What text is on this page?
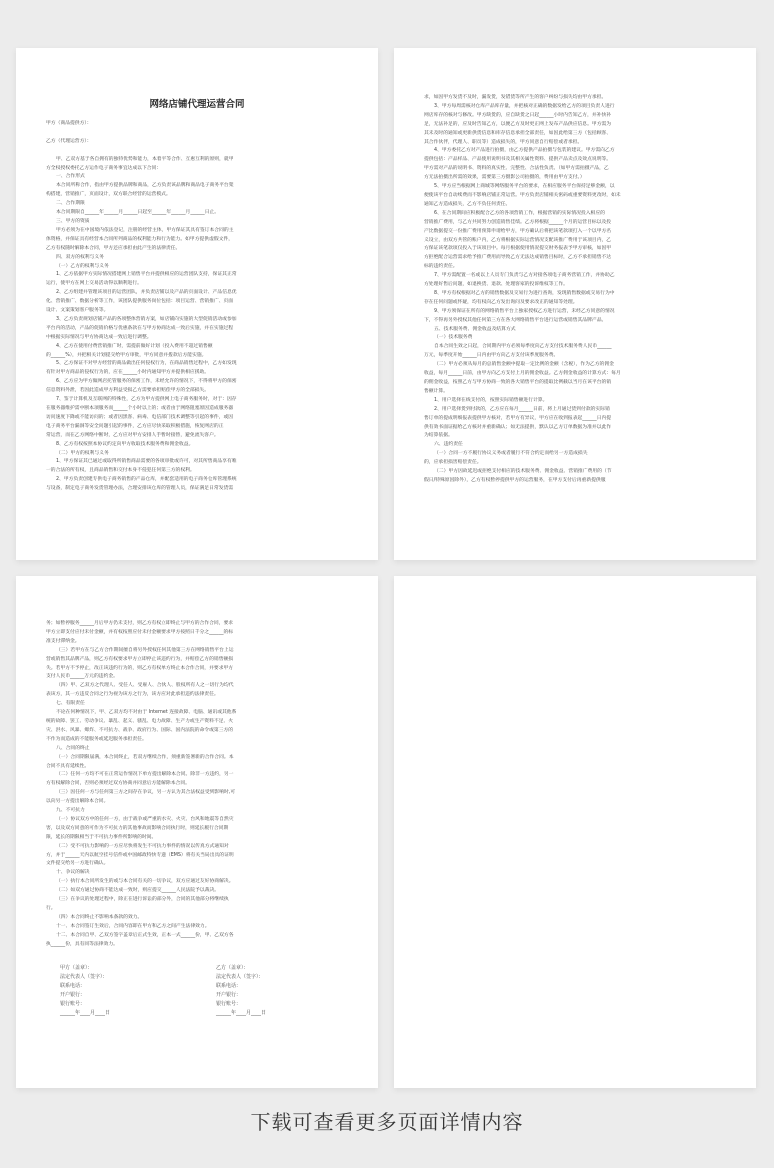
网络店铺代理运营合同
甲方（商品提供方）：

乙方（代理运营方）：

甲、乙双方基于各自拥有的独特优势和能力，本着平等合作、互惠互利的原则，就甲
方全权授权委托乙方运作电子商务事宜达成以下合同：
一、合作形式
本合同所称合作，指由甲方提供品牌和商品，乙方负责该品牌和商品电子商务平台架
构搭建，营销推广，页面设计，双方联合经营的运营模式。
二、合作期限
本合同期限自______年______月______日起至______年______月______日止。
三、甲方的资质
甲方必须为在中国境内依法登记，注册的经营主体，甲方保证其具有签订本合同的主
体资格，并保证具有经营本合同所列商品的权利能力和行为能力。如甲方提供虚假文件，
乙方有权随时解除本合同，甲方还应承担由此产生的法律责任。
四、双方的权利与义务
（一）乙方的权利与义务
1、乙方依据甲方实际情况搭建网上销售平台并提供相应的运营团队支持，保证其正常
运行，使甲方在网上交易活动得以顺利进行。
2、乙方组建并管理该项目的运营团队，并负责店铺以及产品的页面设计、产品信息优
化、营销推广、数据分析等工作，该团队提供服务岗位包括：项目运营、营销推广、页面
设计、文案策划客户服务等。
3、乙方负责规划店铺产品的各项整体营销方案，如店铺向实施的大型促销活动或参加
平台内的活动，产品的促销价格与优惠条款在与甲方协商达成一致后实施，并在实施过程
中根据实际情况与甲方协商达成一致后进行调整。
4、乙方在使用付费营销推广时，需提前做好计划（投入费用不超过销售额
的______%），并把相关计划提交给甲方审批，甲方同意并拨款后方能实施。
5、乙方保证不对甲方经营的商品做出任何侵权行为，在商品销售过程中，乙方如发现
有针对甲方商品的侵权行为的，应在______小时内通知甲方并提供相应援助。
6、乙方应为甲方做网店托管服务的保密工作，未经允许的情况下，不得将甲方的保密
信息资料外泄，若因此造成甲方利益受损乙方需要承担赔偿甲方的全部损失。
7、鉴于计算机及互联网的特殊性，乙方为甲方提供网上电子商务服务时，对于：因存
在服务器维护需中断本项服务而______个小时以上的；或者由于网络阻塞原因造成服务器
访问速度下降或不能访问的；或者因黑客、病毒、电信部门技术调整等引起的事件，或因
电子商务平台漏洞等安全问题引起的事件，乙方应尽快采取积极措施，恢复网店的正
常运营，而在乙方网络中断时，乙方应对甲方安排人手暂时接替，避免流失客户。
8、乙方有权按照本协议约定向甲方收取技术服务费和佣金收益。
（二）甲方的权利与义务
1、甲方保证其已通过或取得所销售商品需要的各项审批或许可，对其所售商品享有唯
一的合法的所有权，且商品销售和交付本身不侵犯任何第三方的权利。
2、甲方负责创建专供电子商务销售的产品仓库，并配套适用的电子商务仓库管理系统
与设备，制定电子商务发货管理办法，合理安排该仓库的管理人员，保证满足日常发货需
求，如因甲方发货不及时，漏发货，发错货等所产生的客户纠纷与损失均由甲方承担。
3、甲方每周需核对仓库产品库存量，并把核对正确的数据发给乙方的项目负责人进行
网店库存的核对与修改。甲方缺货的，应自缺货之日起______小时内告知乙方，并补快补
足，无法补足的，应及时告知乙方，以便乙方及时更正网上发布产品供应信息。甲方需为
其未及时的通知或更新供货信息和库存信息承担全部责任，如因此给第三方（包括顾客、
其合作伙伴，代理人、职员等）造成损失的，甲方同意自行赔偿或者承担。
4、甲方委托乙方对产品进行拍摄，由乙方提供产品拍摄与包装的建议。甲方需向乙方
提供包括：产品样品、产品使用说明书及其相关属性资料、提供产品卖点及效点说明等。
甲方需对产品的说明书、资料的真实性、完整性、合法性负责。（如甲方需拍摄产品，乙
方无法拍摄出所需的效果，需要第三方摄影公司拍摄的，费用由甲方支付。）
5、甲方应当根据网上商城等网络服务平台的要求，在相应服务平台保持足够金额，以
便使该平台自动续费而不影响店铺正常运营。甲方负责店铺相关密码或重要资料更改时，如未
通知乙方造成损失，乙方不负任何责任。
6、在合同期间应积极配合乙方的各项营销工作，根据营销的实际情况投入相应的
营销推广费用，与乙方共同努力创造销售佳绩。乙方将根据______个月的运营目标以及投
产比数据提交一份推广费用预算申请给甲方，甲方确认后将把该笔款项打入一个以甲方名
义设立，由双方共管的账户内，乙方将根据实际运营情况支配该推广费用于该项目内，乙
方保证该笔款项仅投入于该项目中。每月根据使用情况提交财务报表予甲方审核，如因甲
方拒绝配合运营需求给予推广费用而导致乙方无法达成销售目标时，乙方不承担销售不达
标的违约责任。
7、甲方需配置一名或以上人员专门负责与乙方对接各项电子商务营销工作，并协助乙
方处理好售后问题，如退换货、退款、处理客家的投诉维权等工作。
8、甲方有权根据对乙方的销售数据及交易行为进行查询，发现销售数据或交易行为中
存在任何问题或怀疑，均有权向乙方发出询问及要求改正的通知等处理。
9、甲方须保证在所有的网络销售平台上独家授权乙方进行运营，未经乙方同意的情况
下，不得再另外授权其他任何第三方在各大网络销售平台进行运营或销售其品牌产品。
五、技术服务费、佣金收益及结算方式
（一）技术服务费
自本合同生效之日起，合同期内甲方必须每季度向乙方支付技术服务费人民币______
万元，每季度开始______日内由甲方向乙方支付该季度服务费。
（二）甲方必须从每月的总销售金额中提取一定比例的金额（含税），作为乙方的佣金
收益，每月______日前，由甲方向乙方支付上月的佣金收益。乙方佣金收益的计算方式：每月
的佣金收益，按照乙方与甲方协商一致的各大销售平台的提取比例截以当月在该平台的销
售额计算。
1、用户选择在线支付的，按照实际销售额进行计算。
2、用户选择货到付款的，乙方应在每月______日前，将上月通过货到付款的实际销
售订单的提成明细报表提供甲方核对，若甲方有异议，甲方应在收到报表起______日内提
供有效书面证据给乙方核对并重新确认；如无法提供，默认以乙方订单数据为准并以此作
为结算依据。
六、违约责任
（一）合同一方不履行协议义务或者履行不符合约定而给另一方造成损失
的，应承担损害赔偿责任。
（二）甲方因故延迟或拒绝支付相应的技术服务费、佣金收益、营销推广费用的（节
假日/特殊原因除外），乙方有权暂停提供甲方的运营服务，在甲方支付后再重新提供服
务；如暂停服务______月后甲方仍未支付，则乙方有权立即终止与甲方的合作合同，要求
甲方立即支付应付未付金额，并有权按照应付未付金额要求甲方按照日千分之______的标
准支付滞纳金。
（三）若甲方在与乙方合作期间擅自将另外授权任何其他第三方在网络销售平台上运
营或销售其品牌产品，则乙方有权要求甲方立即停止该违约行为，并赔偿乙方的销售额损
失。若甲方不予停止，改正该违约行为的，则乙方有权单方终止本合作合同，并要求甲方
支付人民币______万元的违约金。
（四）甲、乙双方之代理人、受任人、受雇人、合伙人、股权所有人之一切行为均代
表该方，其一方违反合同之行为视为该方之行为，该方应对此承担违约法律责任。
七、有限责任
不论在何种情况下，甲、乙双方均不对由于 Internet 连接故障、电脑、通讯或其他系
统的故障、罢工、劳动争议、暴乱、起义、骚乱、电力故障、生产力或生产资料不足、火
灾、洪水、风暴、爆炸、不可抗力、战争、政府行为、国际、国内法院的命令或第三方的
不作为而造成的不能服务或延迟服务承担责任。
八、合同的终止
（一）合同期限届满，本合同终止，若双方继续合作，须重新签署新的合作合同。本
合同不具有延续性。
（二）任何一方均不可在正常运作情况下单方提出解除本合同。除非一方违约，另一
方有权解除合同，否则必须经过双方协商并同意后方能解除本合同。
（三）因任何一方与任何第三方之间存在争议，另一方认为其合法权益受到影响时,可
以向另一方提出解除本合同。
九、不可抗力
（一）协议双方中的任何一方，由于战争或严重的水灾、火灾、台风和地震等自然灾
害，以及双方同意的可作为不可抗力的其他事故而影响合同执行时，则延长履行合同期
限，延长的期限相当于不可抗力事件所影响的时间。
（二）受不可抗力影响的一方应尽快将发生不可抗力事件的情况以传真方式通知对
方，并于______天内以航空挂号信件或中国邮政特快专递（EMS）将有关当局出具的证明
文件提交给另一方进行确认。
十、争议的解决
（一）执行本合同所发生的或与本合同有关的一切争议，双方应通过友好协商解决。
（二）如双方通过协商不能达成一致时，则应提交______人民法院予以裁决。
（三）在争议的处理过程中，除正在进行诉讼的部分外，合同的其他部分将继续执
行。
（四）本合同终止不影响本条款的效力。
十一、本合同签订生效后，合同内容即在甲方和乙方之间产生法律效力。
十二、本合同自甲、乙双方签字盖章后正式生效，正本一式______份，甲、乙双方各
执______份，具有同等法律效力。
甲方（盖章）：
法定代表人（签字）：
联系电话：
开户银行：
银行账号：
______年____月____日
乙方（盖章）：
法定代表人（签字）：
联系电话：
开户银行：
银行账号：
______年____月____日
下载可查看更多页面详情内容
